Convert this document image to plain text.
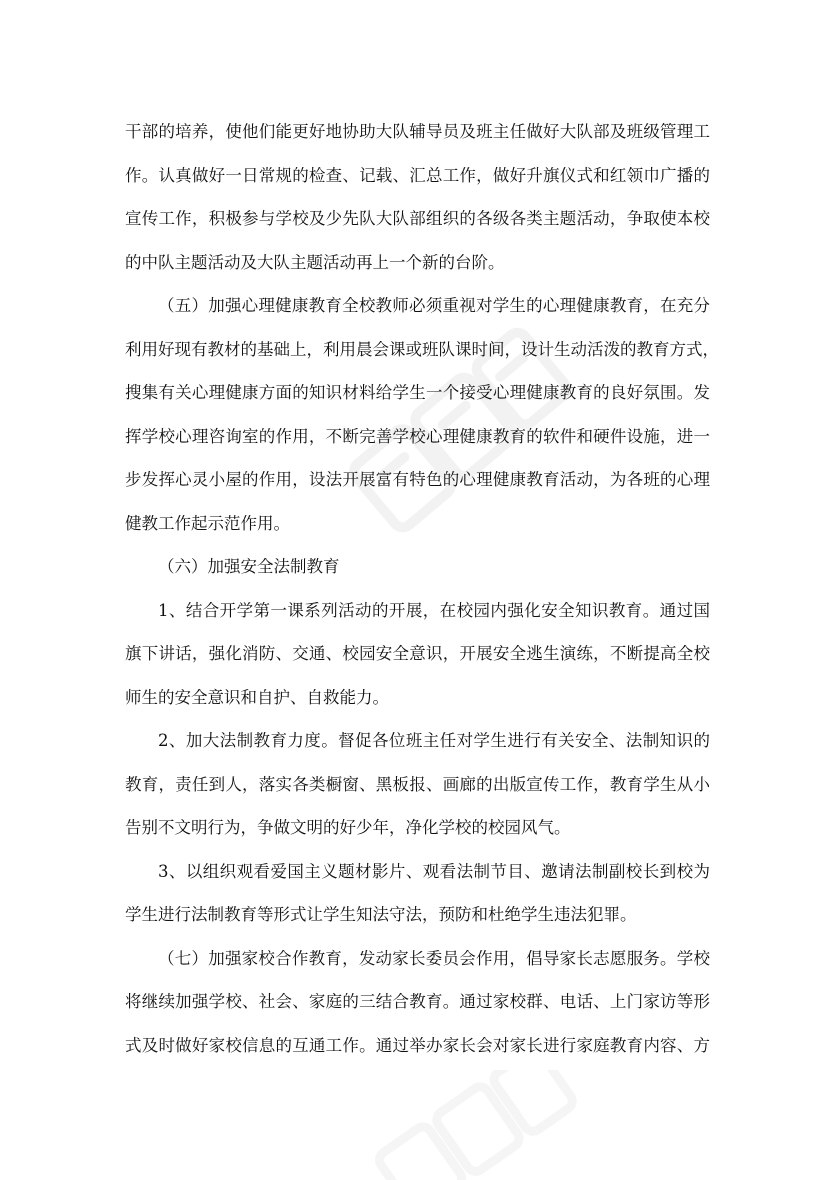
干部的培养，使他们能更好地协助大队辅导员及班主任做好大队部及班级管理工
作。认真做好一日常规的检查、记载、汇总工作，做好升旗仪式和红领巾广播的
宣传工作，积极参与学校及少先队大队部组织的各级各类主题活动，争取使本校
的中队主题活动及大队主题活动再上一个新的台阶。
（五）加强心理健康教育全校教师必须重视对学生的心理健康教育，在充分
利用好现有教材的基础上，利用晨会课或班队课时间，设计生动活泼的教育方式，
搜集有关心理健康方面的知识材料给学生一个接受心理健康教育的良好氛围。发
挥学校心理咨询室的作用，不断完善学校心理健康教育的软件和硬件设施，进一
步发挥心灵小屋的作用，设法开展富有特色的心理健康教育活动，为各班的心理
健教工作起示范作用。
（六）加强安全法制教育
1、结合开学第一课系列活动的开展，在校园内强化安全知识教育。通过国
旗下讲话，强化消防、交通、校园安全意识，开展安全逃生演练，不断提高全校
师生的安全意识和自护、自救能力。
2、加大法制教育力度。督促各位班主任对学生进行有关安全、法制知识的
教育，责任到人，落实各类橱窗、黑板报、画廊的出版宣传工作，教育学生从小
告别不文明行为，争做文明的好少年，净化学校的校园风气。
3、以组织观看爱国主义题材影片、观看法制节目、邀请法制副校长到校为
学生进行法制教育等形式让学生知法守法，预防和杜绝学生违法犯罪。
（七）加强家校合作教育，发动家长委员会作用，倡导家长志愿服务。学校
将继续加强学校、社会、家庭的三结合教育。通过家校群、电话、上门家访等形
式及时做好家校信息的互通工作。通过举办家长会对家长进行家庭教育内容、方
